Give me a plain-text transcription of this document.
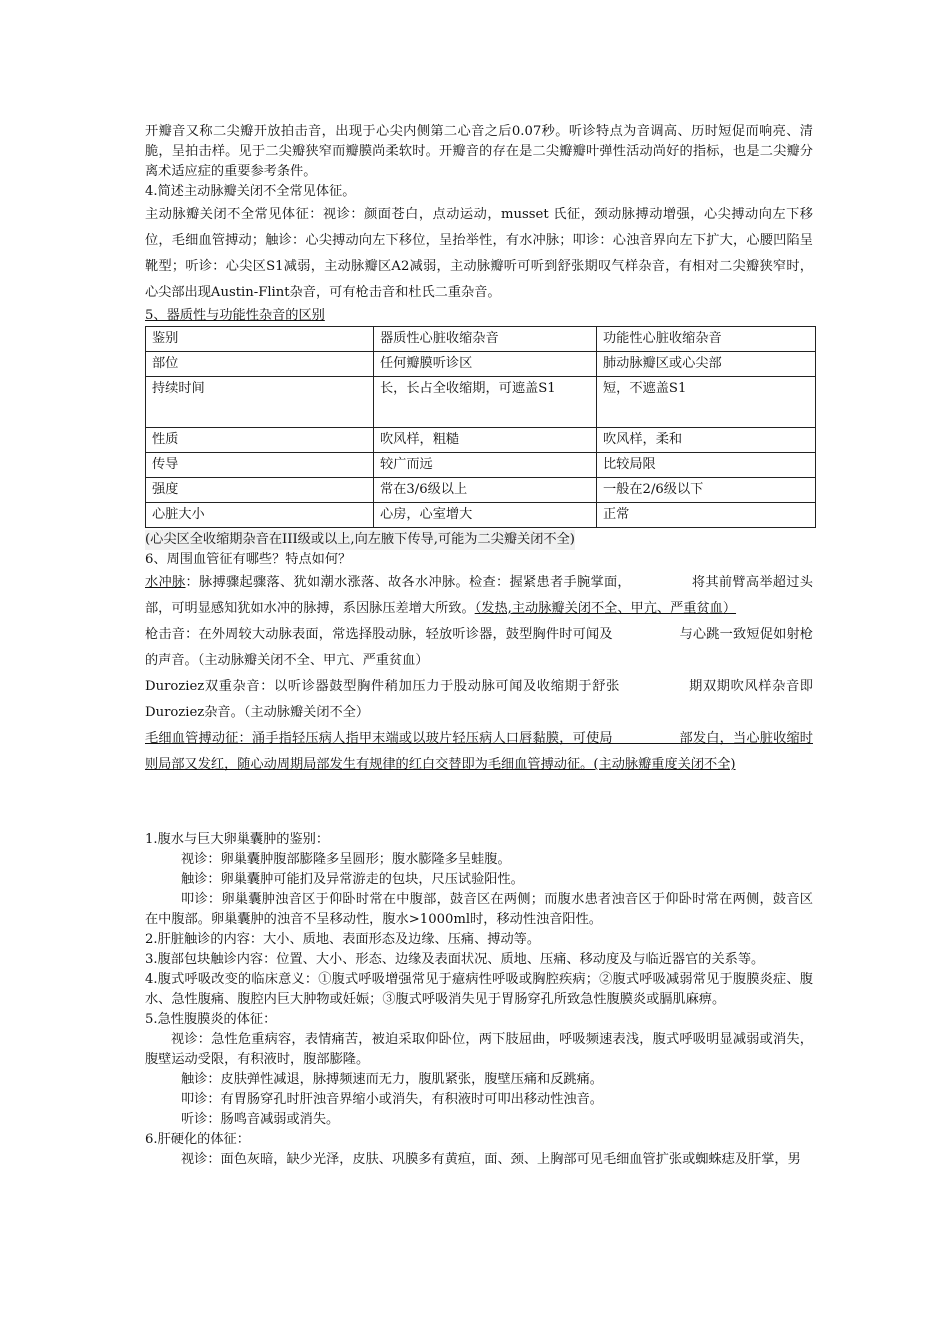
开瓣音又称二尖瓣开放拍击音，出现于心尖内侧第二心音之后0.07秒。听诊特点为音调高、历时短促而响亮、清脆，呈拍击样。见于二尖瓣狭窄而瓣膜尚柔软时。开瓣音的存在是二尖瓣瓣叶弹性活动尚好的指标，也是二尖瓣分离术适应症的重要参考条件。

4.简述主动脉瓣关闭不全常见体征。

主动脉瓣关闭不全常见体征：视诊：颜面苍白，点动运动，musset 氏征，颈动脉搏动增强，心尖搏动向左下移位，毛细血管搏动；触诊：心尖搏动向左下移位，呈抬举性，有水冲脉；叩诊：心浊音界向左下扩大，心腰凹陷呈靴型；听诊：心尖区S1减弱，主动脉瓣区A2减弱，主动脉瓣听可听到舒张期叹气样杂音，有相对二尖瓣狭窄时，心尖部出现Austin-Flint杂音，可有枪击音和杜氏二重杂音。

5、器质性与功能性杂音的区别

鉴别	器质性心脏收缩杂音	功能性心脏收缩杂音
部位	任何瓣膜听诊区	肺动脉瓣区或心尖部
持续时间	长，长占全收缩期，可遮盖S1	短，不遮盖S1
性质	吹风样，粗糙	吹风样，柔和
传导	较广而远	比较局限
强度	常在3/6级以上	一般在2/6级以下
心脏大小	心房，心室增大	正常

(心尖区全收缩期杂音在III级或以上,向左腋下传导,可能为二尖瓣关闭不全)

6、周围血管征有哪些？特点如何？

水冲脉：脉搏骤起骤落、犹如潮水涨落、故各水冲脉。检查：握紧患者手腕掌面，　　　　　将其前臂高举超过头部，可明显感知犹如水冲的脉搏，系因脉压差增大所致。（发热,主动脉瓣关闭不全、甲亢、严重贫血）

枪击音：在外周较大动脉表面，常选择股动脉，轻放听诊器，鼓型胸件时可闻及　　　　　与心跳一致短促如射枪的声音。（主动脉瓣关闭不全、甲亢、严重贫血）

Duroziez双重杂音：以听诊器鼓型胸件稍加压力于股动脉可闻及收缩期于舒张　　　　　期双期吹风样杂音即Duroziez杂音。（主动脉瓣关闭不全）

毛细血管搏动征：涌手指轻压病人指甲末端或以玻片轻压病人口唇黏膜，可使局　　　　　部发白，当心脏收缩时则局部又发红，随心动周期局部发生有规律的红白交替即为毛细血管搏动征。(主动脉瓣重度关闭不全)

1.腹水与巨大卵巢囊肿的鉴别：

视诊：卵巢囊肿腹部膨隆多呈圆形；腹水膨隆多呈蛙腹。

触诊：卵巢囊肿可能扪及异常游走的包块，尺压试验阳性。

叩诊：卵巢囊肿浊音区于仰卧时常在中腹部，鼓音区在两侧；而腹水患者浊音区于仰卧时常在两侧，鼓音区在中腹部。卵巢囊肿的浊音不呈移动性，腹水>1000ml时，移动性浊音阳性。

2.肝脏触诊的内容：大小、质地、表面形态及边缘、压痛、搏动等。

3.腹部包块触诊内容：位置、大小、形态、边缘及表面状况、质地、压痛、移动度及与临近器官的关系等。

4.腹式呼吸改变的临床意义：①腹式呼吸增强常见于癔病性呼吸或胸腔疾病；②腹式呼吸减弱常见于腹膜炎症、腹水、急性腹痛、腹腔内巨大肿物或妊娠；③腹式呼吸消失见于胃肠穿孔所致急性腹膜炎或膈肌麻痹。

5.急性腹膜炎的体征：

视诊：急性危重病容，表情痛苦，被迫采取仰卧位，两下肢屈曲，呼吸频速表浅，腹式呼吸明显减弱或消失，腹壁运动受限，有积液时，腹部膨隆。

触诊：皮肤弹性减退，脉搏频速而无力，腹肌紧张，腹壁压痛和反跳痛。

叩诊：有胃肠穿孔时肝浊音界缩小或消失，有积液时可叩出移动性浊音。

听诊：肠鸣音减弱或消失。

6.肝硬化的体征：

视诊：面色灰暗，缺少光泽，皮肤、巩膜多有黄疸，面、颈、上胸部可见毛细血管扩张或蜘蛛痣及肝掌，男
